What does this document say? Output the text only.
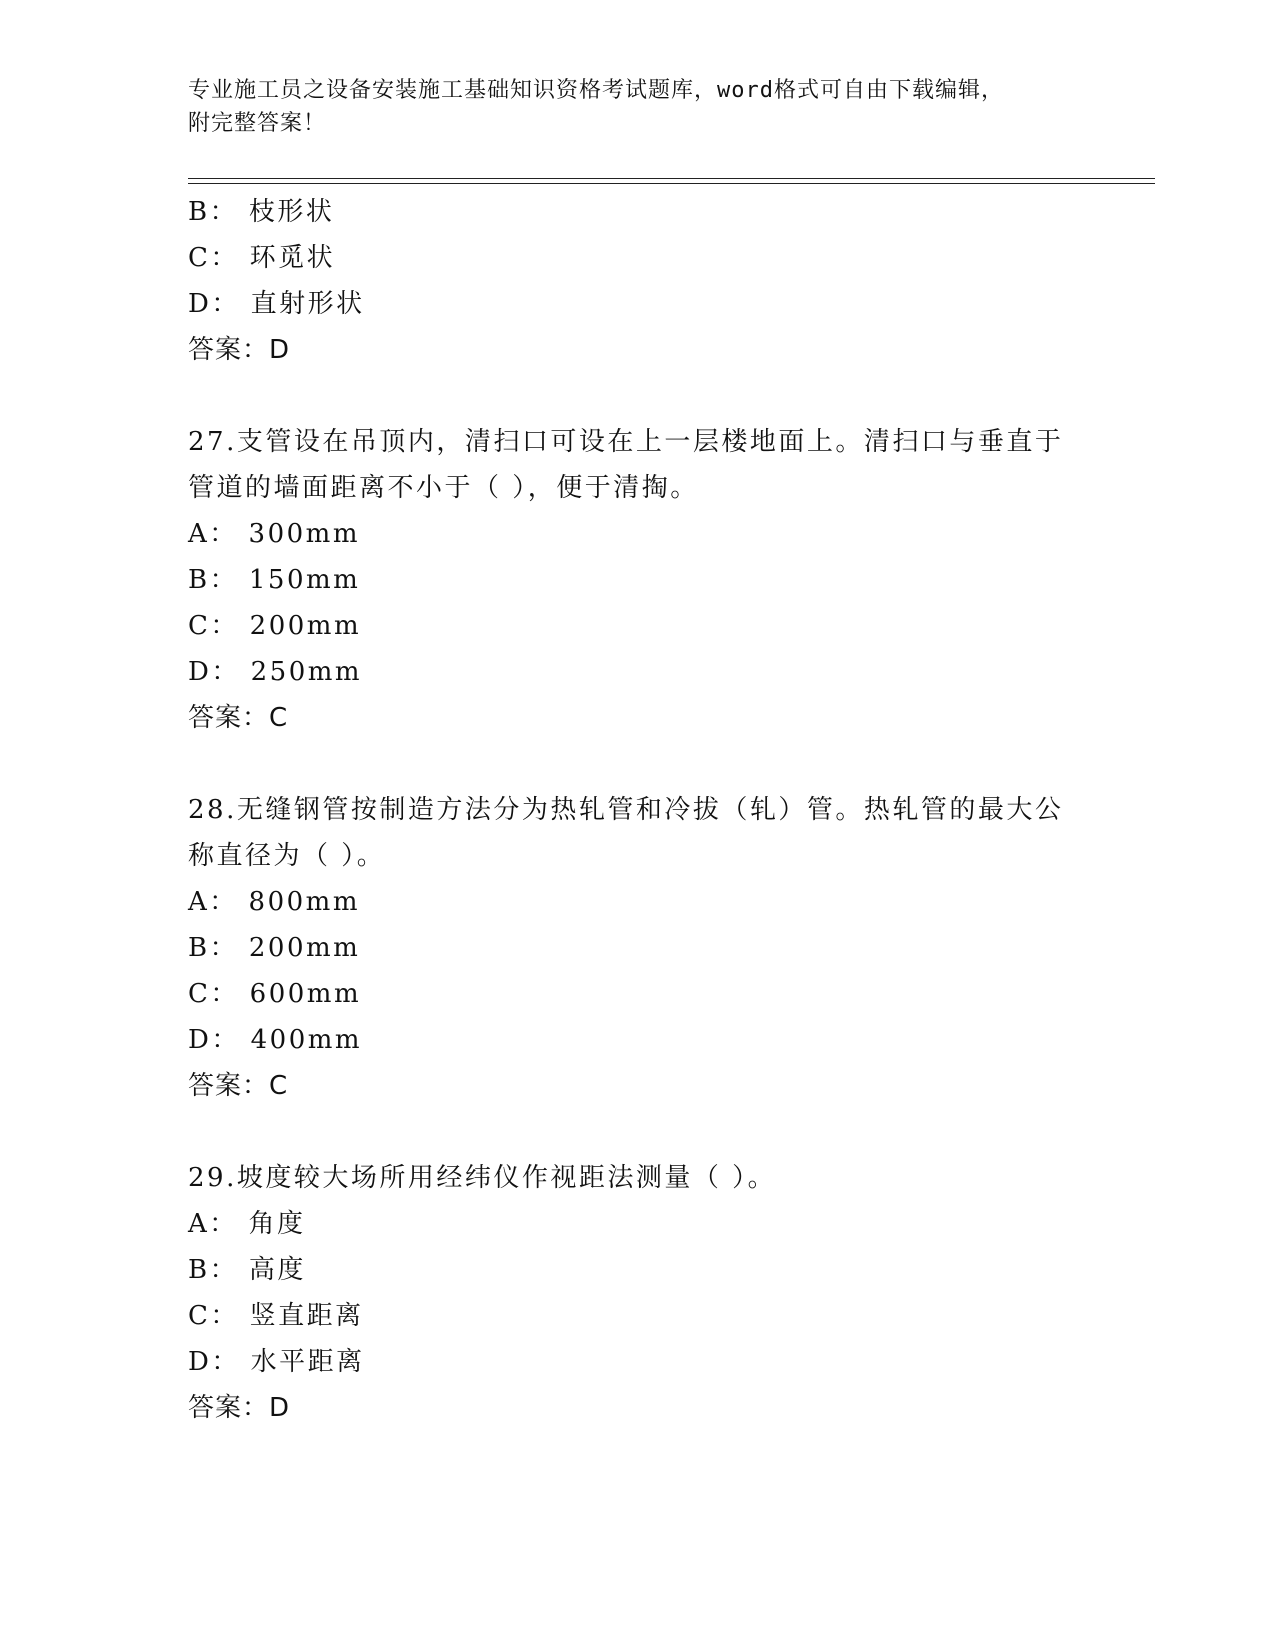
专业施工员之设备安装施工基础知识资格考试题库，word格式可自由下载编辑，
附完整答案！
B： 枝形状
C： 环觅状
D： 直射形状
答案：D
27.支管设在吊顶内，清扫口可设在上一层楼地面上。清扫口与垂直于
管道的墙面距离不小于（ ），便于清掏。
A： 300mm
B： 150mm
C： 200mm
D： 250mm
答案：C
28.无缝钢管按制造方法分为热轧管和冷拔（轧）管。热轧管的最大公
称直径为（ ）。
A： 800mm
B： 200mm
C： 600mm
D： 400mm
答案：C
29.坡度较大场所用经纬仪作视距法测量（ ）。
A： 角度
B： 高度
C： 竖直距离
D： 水平距离
答案：D
